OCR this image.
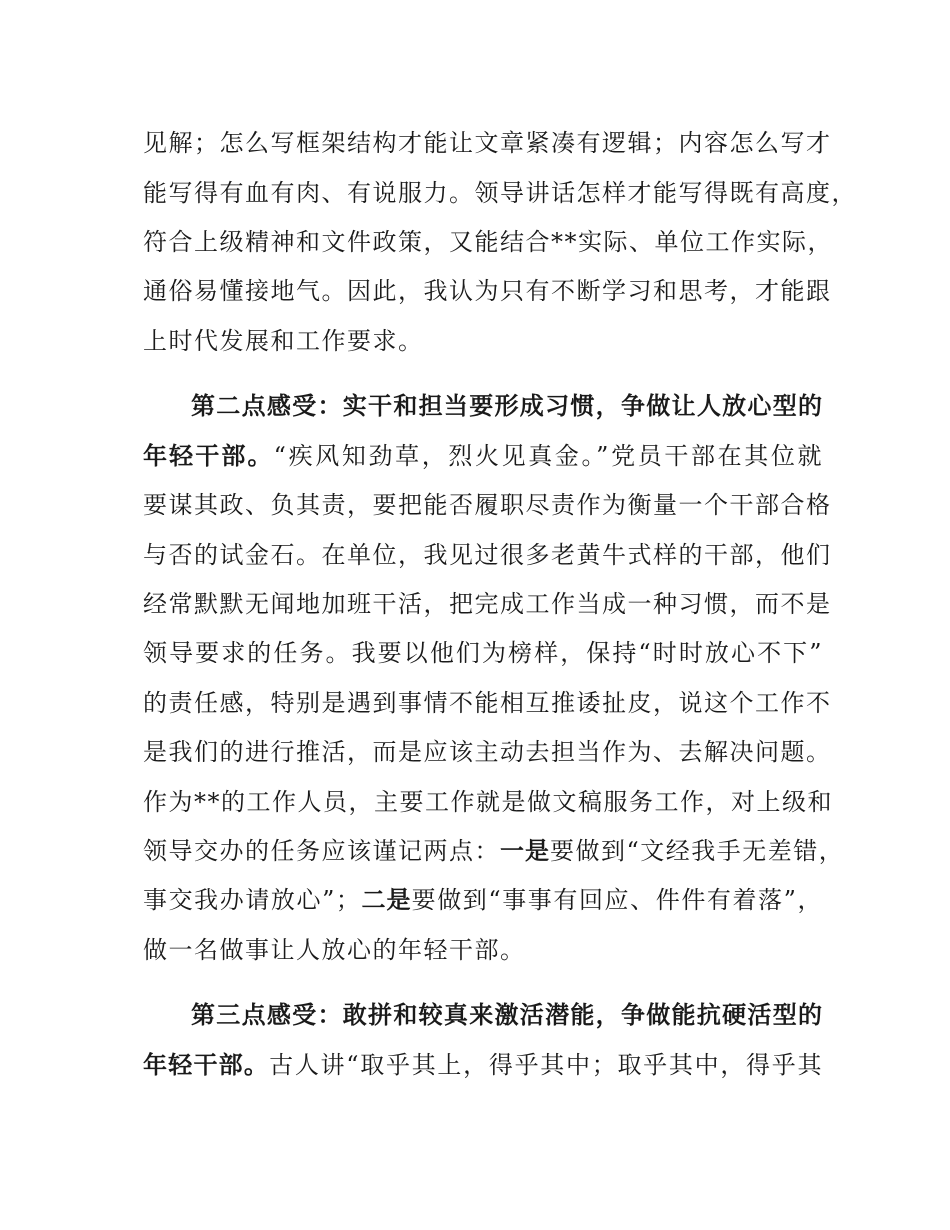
见解；怎么写框架结构才能让文章紧凑有逻辑；内容怎么写才
能写得有血有肉、有说服力。领导讲话怎样才能写得既有高度，
符合上级精神和文件政策，又能结合**实际、单位工作实际，
通俗易懂接地气。因此，我认为只有不断学习和思考，才能跟
上时代发展和工作要求。
第二点感受：实干和担当要形成习惯，争做让人放心型的
年轻干部。“疾风知劲草，烈火见真金。”党员干部在其位就
要谋其政、负其责，要把能否履职尽责作为衡量一个干部合格
与否的试金石。在单位，我见过很多老黄牛式样的干部，他们
经常默默无闻地加班干活，把完成工作当成一种习惯，而不是
领导要求的任务。我要以他们为榜样，保持“时时放心不下”
的责任感，特别是遇到事情不能相互推诿扯皮，说这个工作不
是我们的进行推活，而是应该主动去担当作为、去解决问题。
作为**的工作人员，主要工作就是做文稿服务工作，对上级和
领导交办的任务应该谨记两点：一是要做到“文经我手无差错，
事交我办请放心”；二是要做到“事事有回应、件件有着落”，
做一名做事让人放心的年轻干部。
第三点感受：敢拼和较真来激活潜能，争做能抗硬活型的
年轻干部。古人讲“取乎其上，得乎其中；取乎其中，得乎其
